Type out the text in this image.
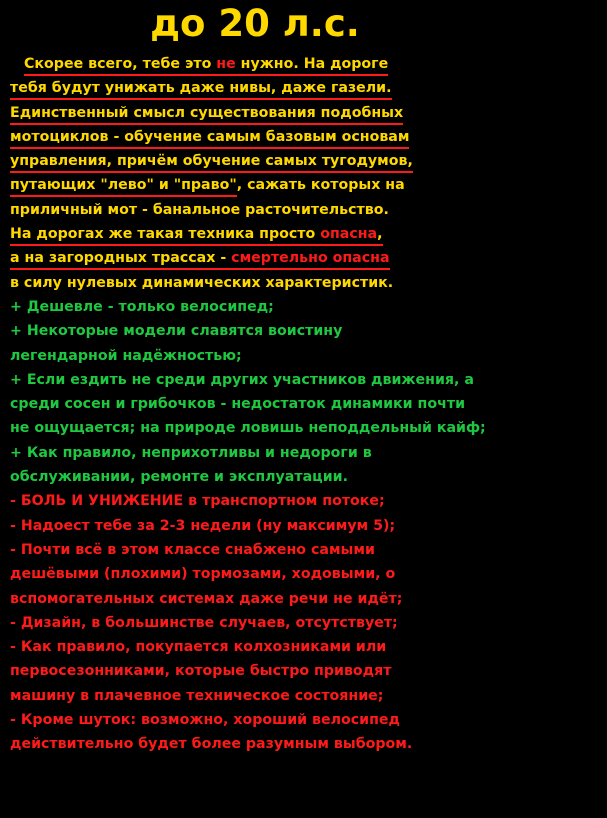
до 20 л.с.
Скорее всего, тебе это не нужно. На дороге
тебя будут унижать даже нивы, даже газели.
Единственный смысл существования подобных
мотоциклов - обучение самым базовым основам
управления, причём обучение самых тугодумов,
путающих "лево" и "право", сажать которых на
приличный мот - банальное расточительство.
На дорогах же такая техника просто опасна,
а на загородных трассах - смертельно опасна
в силу нулевых динамических характеристик.
+ Дешевле - только велосипед;
+ Некоторые модели славятся воистину
легендарной надёжностью;
+ Если ездить не среди других участников движения, а
среди сосен и грибочков - недостаток динамики почти
не ощущается; на природе ловишь неподдельный кайф;
+ Как правило, неприхотливы и недороги в
обслуживании, ремонте и эксплуатации.
- БОЛЬ И УНИЖЕНИЕ в транспортном потоке;
- Надоест тебе за 2-3 недели (ну максимум 5);
- Почти всё в этом классе снабжено самыми
дешёвыми (плохими) тормозами, ходовыми, о
вспомогательных системах даже речи не идёт;
- Дизайн, в большинстве случаев, отсутствует;
- Как правило, покупается колхозниками или
первосезонниками, которые быстро приводят
машину в плачевное техническое состояние;
- Кроме шуток: возможно, хороший велосипед
действительно будет более разумным выбором.
